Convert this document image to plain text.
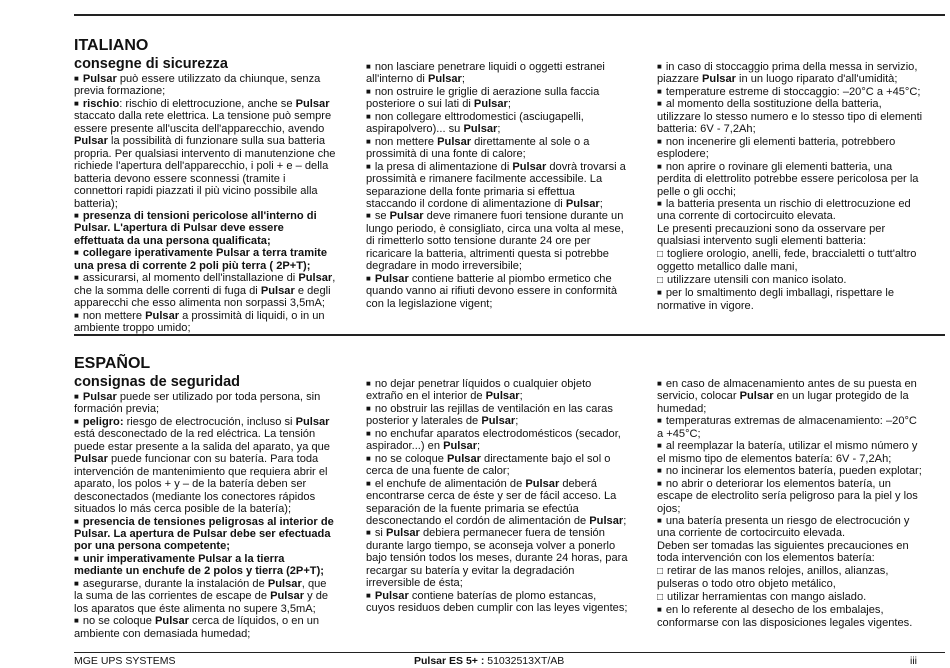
ITALIANO
consegne di sicurezza

■ Pulsar può essere utilizzato da chiunque, senza previa formazione;

■ rischio: rischio di elettrocuzione, anche se Pulsar staccato dalla rete elettrica. La tensione può sempre essere presente all'uscita dell'apparecchio, avendo Pulsar la possibilità di funzionare sulla sua batteria propria. Per qualsiasi intervento di manutenzione che richiede l'apertura dell'apparecchio, i poli + e – della batteria devono essere sconnessi (tramite i connettori rapidi piazzati il più vicino possibile alla batteria);

■ presenza di tensioni pericolose all'interno di Pulsar. L'apertura di Pulsar deve essere effettuata da una persona qualificata;

■ collegare iperativamente Pulsar a terra tramite una presa di corrente 2 poli più terra ( 2P+T);

■ assicurarsi, al momento dell'installazione di Pulsar, che la somma delle correnti di fuga di Pulsar e degli apparecchi che esso alimenta non sorpassi 3,5mA;

■ non mettere Pulsar a prossimità di liquidi, o in un ambiente troppo umido;

■ non lasciare penetrare liquidi o oggetti estranei all'interno di Pulsar;

■ non ostruire le griglie di aerazione sulla faccia posteriore o sui lati di Pulsar;

■ non collegare elttrodomestici (asciugapelli, aspirapolvero)... su Pulsar;

■ non mettere Pulsar direttamente al sole o a prossimità di una fonte di calore;

■ la presa di alimentazione di Pulsar dovrà trovarsi a prossimità e rimanere facilmente accessibile. La separazione della fonte primaria si effettua staccando il cordone di alimentazione di Pulsar;

■ se Pulsar deve rimanere fuori tensione durante un lungo periodo, è consigliato, circa una volta al mese, di rimetterlo sotto tensione durante 24 ore per ricaricare la batteria, altrimenti questa si potrebbe degradare in modo irreversibile;

■ Pulsar contiene batterie al piombo ermetico che quando vanno ai rifiuti devono essere in conformità con la legislazione vigent;

■ in caso di stoccaggio prima della messa in servizio, piazzare Pulsar in un luogo riparato d'all'umidità;

■ temperature estreme di stoccaggio: –20°C a +45°C;

■ al momento della sostituzione della batteria, utilizzare lo stesso numero e lo stesso tipo di elementi batteria: 6V - 7,2Ah;

■ non incenerire gli elementi batteria, potrebbero esplodere;

■ non aprire o rovinare gli elementi batteria, una perdita di elettrolito potrebbe essere pericolosa per la pelle o gli occhi;

■ la batteria presenta un rischio di elettrocuzione ed una corrente di cortocircuito elevata.

Le presenti precauzioni sono da osservare per qualsiasi intervento sugli elementi batteria:

□ togliere orologio, anelli, fede, braccialetti o tutt'altro oggetto metallico dalle mani,

□ utilizzare utensili con manico isolato.

■ per lo smaltimento degli imballagi, rispettare le normative in vigore.

ESPAÑOL
consignas de seguridad

■ Pulsar puede ser utilizado por toda persona, sin formación previa;

■ peligro: riesgo de electrocución, incluso si Pulsar está desconectado de la red eléctrica. La tensión puede estar presente a la salida del aparato, ya que Pulsar puede funcionar con su batería. Para toda intervención de mantenimiento que requiera abrir el aparato, los polos + y – de la batería deben ser desconectados (mediante los conectores rápidos situados lo más cerca posible de la batería);

■ presencia de tensiones peligrosas al interior de Pulsar. La apertura de Pulsar debe ser efectuada por una persona competente;

■ unir imperativamente Pulsar a la tierra mediante un enchufe de 2 polos y tierra (2P+T);

■ asegurarse, durante la instalación de Pulsar, que la suma de las corrientes de escape de Pulsar y de los aparatos que éste alimenta no supere 3,5mA;

■ no se coloque Pulsar cerca de líquidos, o en un ambiente con demasiada humedad;

■ no dejar penetrar líquidos o cualquier objeto extraño en el interior de Pulsar;

■ no obstruir las rejillas de ventilación en las caras posterior y laterales de Pulsar;

■ no enchufar aparatos electrodomésticos (secador, aspirador...) en Pulsar;

■ no se coloque Pulsar directamente bajo el sol o cerca de una fuente de calor;

■ el enchufe de alimentación de Pulsar deberá encontrarse cerca de éste y ser de fácil acceso. La separación de la fuente primaria se efectúa desconectando el cordón de alimentación de Pulsar;

■ si Pulsar debiera permanecer fuera de tensión durante largo tiempo, se aconseja volver a ponerlo bajo tensión todos los meses, durante 24 horas, para recargar su batería y evitar la degradación irreversible de ésta;

■ Pulsar contiene baterías de plomo estancas, cuyos residuos deben cumplir con las leyes vigentes;

■ en caso de almacenamiento antes de su puesta en servicio, colocar Pulsar en un lugar protegido de la humedad;

■ temperaturas extremas de almacenamiento: –20°C a +45°C;

■ al reemplazar la batería, utilizar el mismo número y el mismo tipo de elementos batería: 6V - 7,2Ah;

■ no incinerar los elementos batería, pueden explotar;

■ no abrir o deteriorar los elementos batería, un escape de electrolito sería peligroso para la piel y los ojos;

■ una batería presenta un riesgo de electrocución y una corriente de cortocircuito elevada.

Deben ser tomadas las siguientes precauciones en toda intervención con los elementos batería:

□ retirar de las manos relojes, anillos, alianzas, pulseras o todo otro objeto metálico,

□ utilizar herramientas con mango aislado.

■ en lo referente al desecho de los embalajes, conformarse con las disposiciones legales vigentes.

MGE UPS SYSTEMS	Pulsar ES 5+ : 51032513XT/AB	iii
